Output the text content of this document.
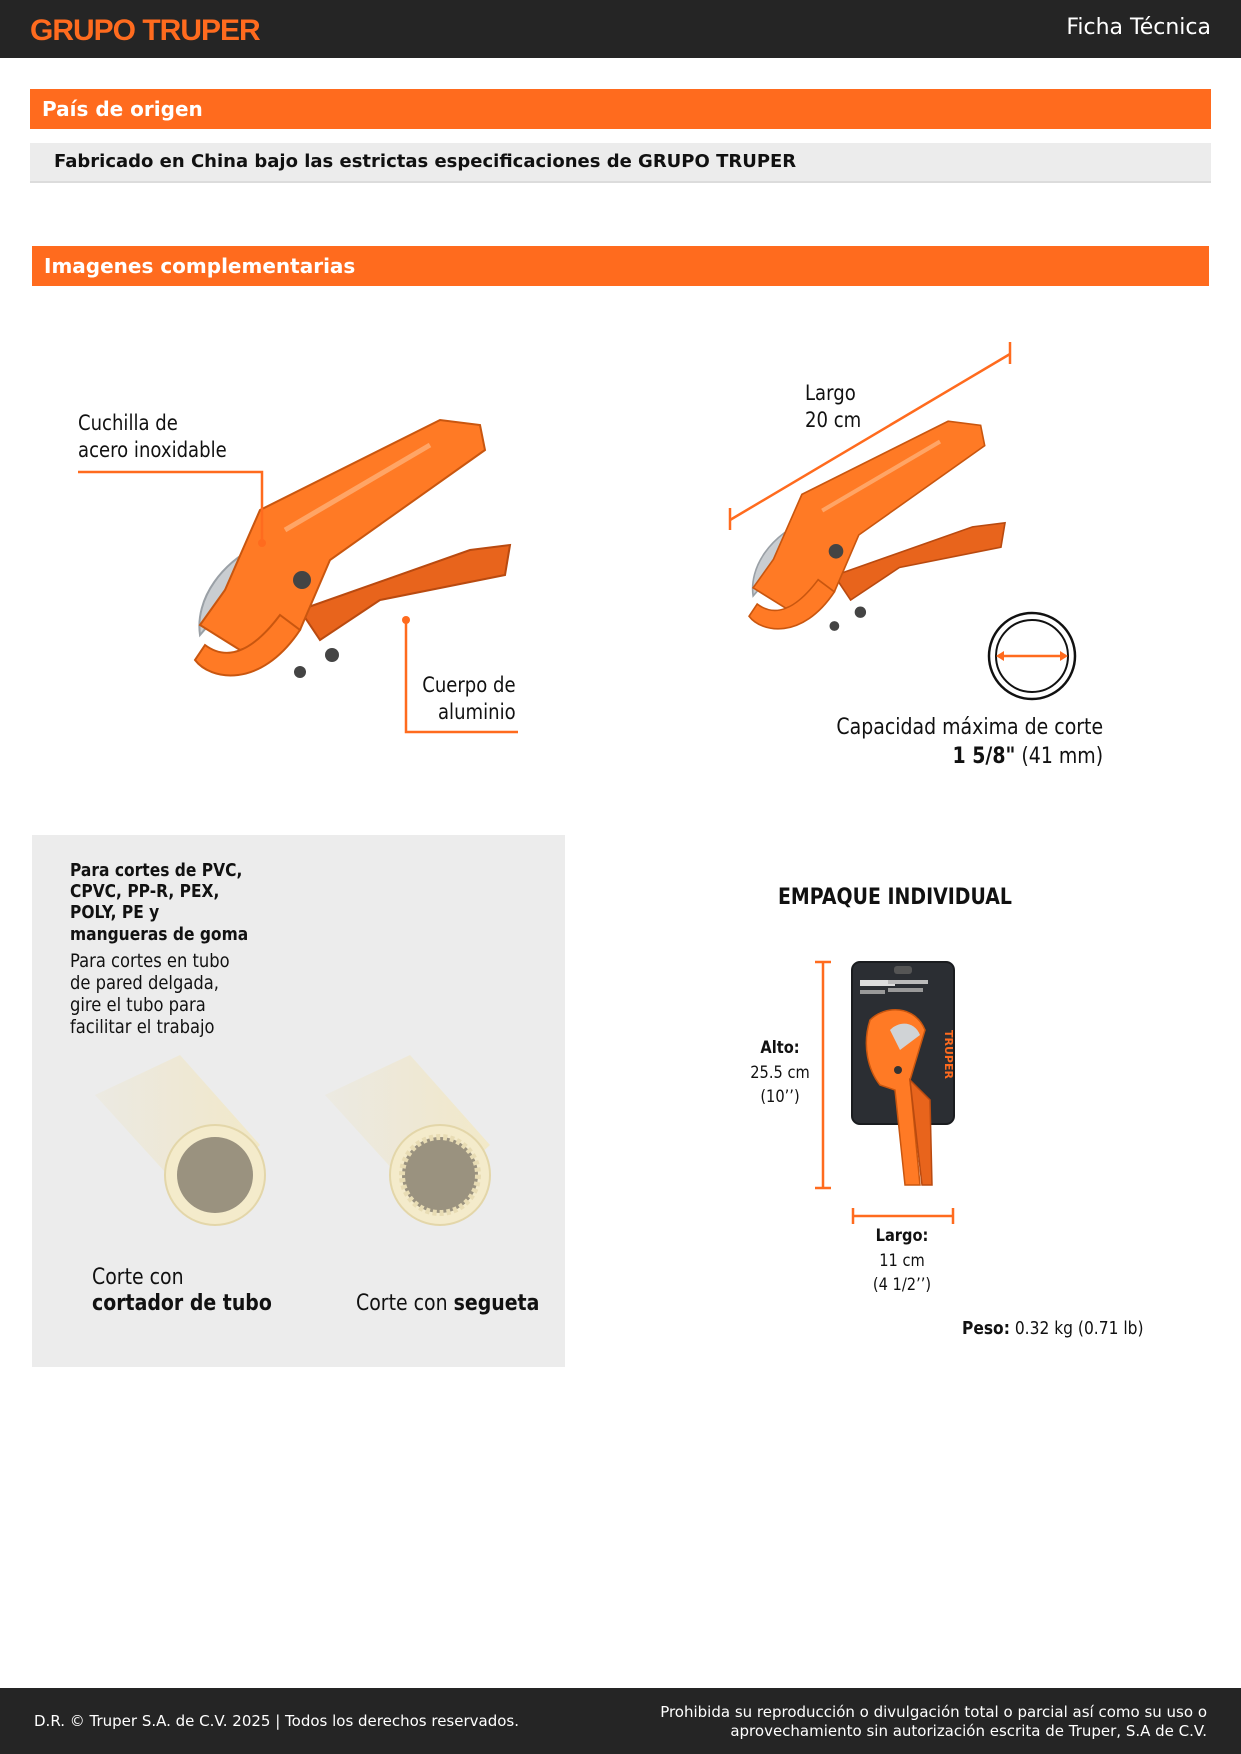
GRUPO TRUPER	Ficha Técnica
País de origen
Fabricado en China bajo las estrictas especificaciones de GRUPO TRUPER
Imagenes complementarias
Cuchilla de
acero inoxidable
Cuerpo de
aluminio
Largo
20 cm
Capacidad máxima de corte
1 5/8" (41 mm)
Para cortes de PVC, CPVC, PP-R, PEX, POLY, PE y mangueras de goma
Para cortes en tubo de pared delgada, gire el tubo para facilitar el trabajo
Corte con
cortador de tubo	Corte con segueta
EMPAQUE INDIVIDUAL
Alto:
25.5 cm
(10’’)
TRUPER
Largo:
11 cm
(4 1/2’’)
Peso: 0.32 kg (0.71 lb)
D.R. © Truper S.A. de C.V. 2025 | Todos los derechos reservados.	Prohibida su reproducción o divulgación total o parcial así como su uso o aprovechamiento sin autorización escrita de Truper, S.A de C.V.
